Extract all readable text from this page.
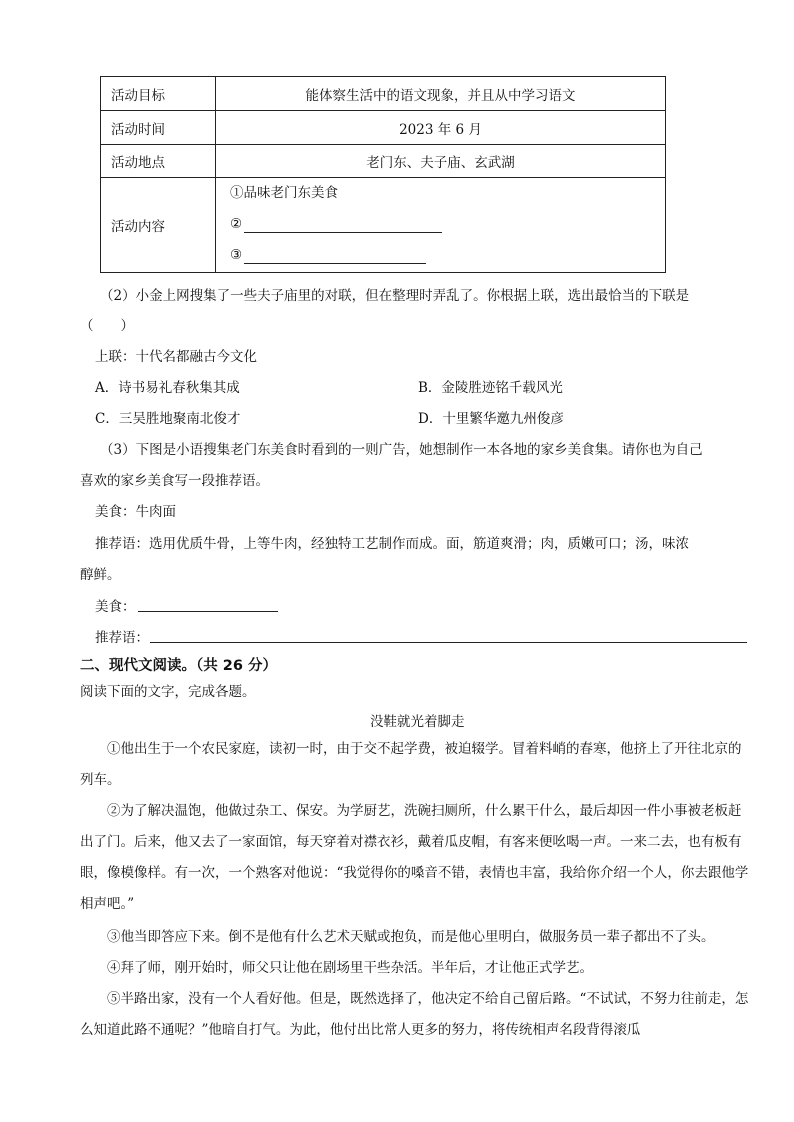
活动目标	能体察生活中的语文现象，并且从中学习语文
活动时间	2023 年 6 月
活动地点	老门东、夫子庙、玄武湖
活动内容	①品味老门东美食
②
③
（2）小金上网搜集了一些夫子庙里的对联，但在整理时弄乱了。你根据上联，选出最恰当的下联是
（　　）
上联：十代名都融古今文化
A．诗书易礼春秋集其成	B．金陵胜迹铭千载风光
C．三吴胜地聚南北俊才	D．十里繁华邀九州俊彦
（3）下图是小语搜集老门东美食时看到的一则广告，她想制作一本各地的家乡美食集。请你也为自己
喜欢的家乡美食写一段推荐语。
美食：牛肉面
推荐语：选用优质牛骨，上等牛肉，经独特工艺制作而成。面，筋道爽滑；肉，质嫩可口；汤，味浓
醇鲜。
美食：
推荐语：
二、现代文阅读。（共 26 分）
阅读下面的文字，完成各题。
没鞋就光着脚走
①他出生于一个农民家庭，读初一时，由于交不起学费，被迫辍学。冒着料峭的春寒，他挤上了开往北京的列车。
②为了解决温饱，他做过杂工、保安。为学厨艺，洗碗扫厕所，什么累干什么，最后却因一件小事被老板赶出了门。后来，他又去了一家面馆，每天穿着对襟衣衫，戴着瓜皮帽，有客来便吆喝一声。一来二去，也有板有眼，像模像样。有一次，一个熟客对他说：“我觉得你的嗓音不错，表情也丰富，我给你介绍一个人，你去跟他学相声吧。”
③他当即答应下来。倒不是他有什么艺术天赋或抱负，而是他心里明白，做服务员一辈子都出不了头。
④拜了师，刚开始时，师父只让他在剧场里干些杂活。半年后，才让他正式学艺。
⑤半路出家，没有一个人看好他。但是，既然选择了，他决定不给自己留后路。“不试试，不努力往前走，怎么知道此路不通呢？”他暗自打气。为此，他付出比常人更多的努力，将传统相声名段背得滚瓜
